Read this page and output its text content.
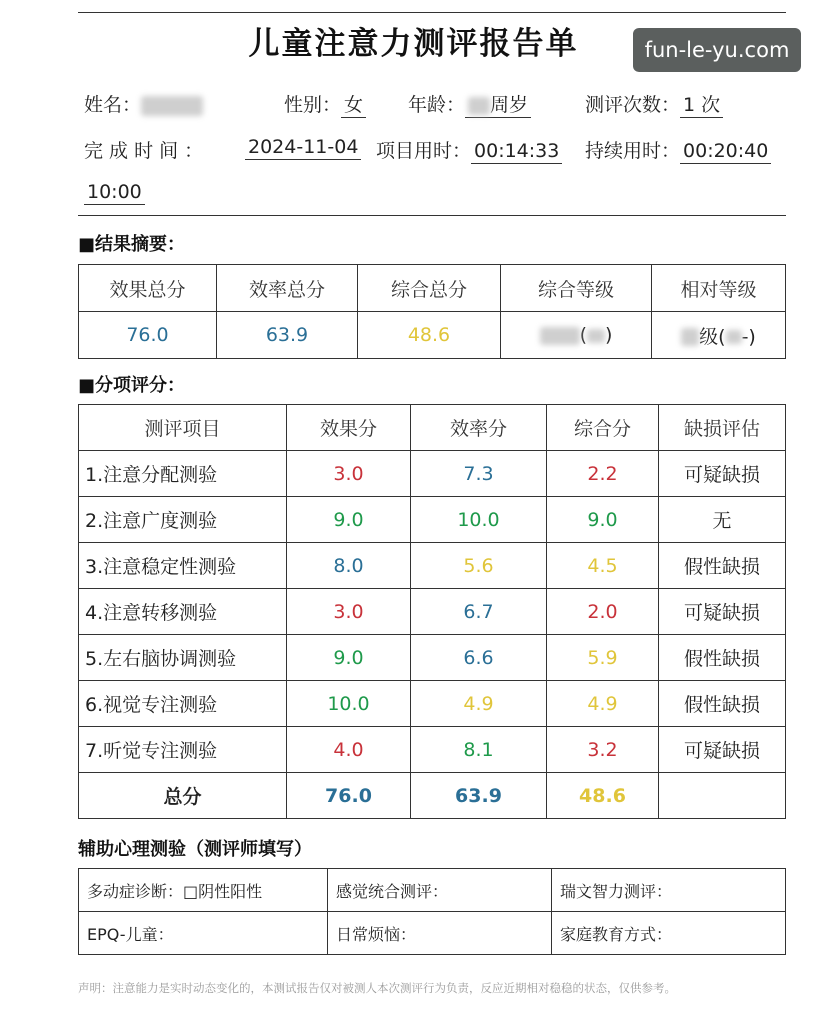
儿童注意力测评报告单	fun-le-yu.com
姓名：	性别： 女 年龄： 周岁	测评次数： 1 次
完 成 时 间 ： 2024-11-04 项目用时： 00:14:33 持续用时： 00:20:40
10:00
■结果摘要：
效果总分	效率总分	综合总分	综合等级	相对等级
76.0	63.9	48.6	( )	级( -)
■分项评分：
测评项目	效果分	效率分	综合分	缺损评估
1.注意分配测验	3.0	7.3	2.2	可疑缺损
2.注意广度测验	9.0	10.0	9.0	无
3.注意稳定性测验	8.0	5.6	4.5	假性缺损
4.注意转移测验	3.0	6.7	2.0	可疑缺损
5.左右脑协调测验	9.0	6.6	5.9	假性缺损
6.视觉专注测验	10.0	4.9	4.9	假性缺损
7.听觉专注测验	4.0	8.1	3.2	可疑缺损
总分	76.0	63.9	48.6	
辅助心理测验（测评师填写）
多动症诊断：□阴性阳性	感觉统合测评：	瑞文智力测评：
EPQ-儿童：	日常烦恼：	家庭教育方式：
声明：注意能力是实时动态变化的，本测试报告仅对被测人本次测评行为负责，反应近期相对稳稳的状态，仅供参考。
